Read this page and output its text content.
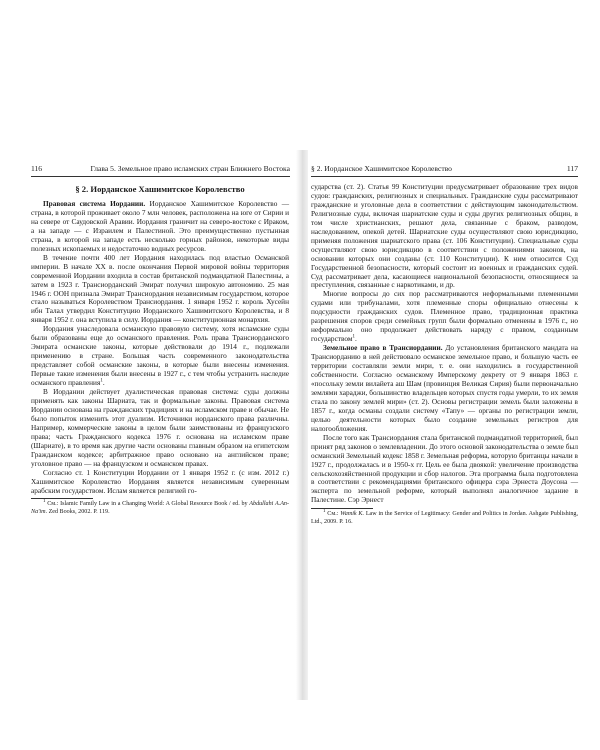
116	Глава 5. Земельное право исламских стран Ближнего Востока
§ 2. Иорданское Хашимитское Королевство

Правовая система Иордании. Иорданское Хашимитское Королевство — страна, в которой проживает около 7 млн человек, расположена на юге от Сирии и на севере от Саудовской Аравии. Иордания граничит на северо-востоке с Ираком, а на западе — с Израилем и Палестиной. Это преимущественно пустынная страна, в которой на западе есть несколько горных районов, некоторые виды полезных ископаемых и недостаточно водных ресурсов.

В течение почти 400 лет Иордания находилась под властью Османской империи. В начале XX в. после окончания Первой мировой войны территория современной Иордании входила в состав британской подмандатной Палестины, а затем в 1923 г. Трансиорданский Эмират получил широкую автономию. 25 мая 1946 г. ООН признала Эмират Трансиордания независимым государством, которое стало называться Королевством Трансиордания. 1 января 1952 г. король Хусейн ибн Талал утвердил Конституцию Иорданского Хашимитского Королевства, и 8 января 1952 г. она вступила в силу. Иордания — конституционная монархия.

Иордания унаследовала османскую правовую систему, хотя исламские суды были образованы еще до османского правления. Роль права Трансиорданского Эмирата османские законы, которые действовали до 1914 г., подлежали применению в стране. Большая часть современного законодательства представляет собой османские законы, в которые были внесены изменения. Первые такие изменения были внесены в 1927 г., с тем чтобы устранить наследие османского правления$^1$.

В Иордании действует дуалистическая правовая система: суды должны применять как законы Шариата, так и формальные законы. Правовая система Иордании основана на гражданских традициях и на исламском праве и обычае. Не было попыток изменить этот дуализм. Источники иорданского права различны. Например, коммерческие законы в целом были заимствованы из французского права; часть Гражданского кодекса 1976 г. основана на исламском праве (Шариате), в то время как другие части основаны главным образом на египетском Гражданском кодексе; арбитражное право основано на английском праве; уголовное право — на французском и османском правах.

Согласно ст. 1 Конституции Иордании от 1 января 1952 г. (с изм. 2012 г.) Хашимитское Королевство Иордания является независимым суверенным арабским государством. Ислам является религией го-

$^1$ См.: Islamic Family Law in a Changing World: A Global Resource Book / ed. by Abdullahi A.An-Na'im. Zed Books, 2002. P. 119.

§ 2. Иорданское Хашимитское Королевство	117

сударства (ст. 2). Статья 99 Конституции предусматривает образование трех видов судов: гражданских, религиозных и специальных. Гражданские суды рассматривают гражданские и уголовные дела в соответствии с действующим законодательством. Религиозные суды, включая шариатские суды и суды других религиозных общин, в том числе христианских, решают дела, связанные с браком, разводом, наследованием, опекой детей. Шариатские суды осуществляют свою юрисдикцию, применяя положения шариатского права (ст. 106 Конституции). Специальные суды осуществляют свою юрисдикцию в соответствии с положениями законов, на основании которых они созданы (ст. 110 Конституции). К ним относится Суд Государственной безопасности, который состоит из военных и гражданских судей. Суд рассматривает дела, касающиеся национальной безопасности, относящиеся за преступления, связанные с наркотиками, и др.

Многие вопросы до сих пор рассматриваются неформальными племенными судами или трибуналами, хотя племенные споры официально отнесены к подсудности гражданских судов. Племенное право, традиционная практика разрешения споров среди семейных групп были формально отменены в 1976 г., но неформально оно продолжает действовать наряду с правом, созданным государством$^1$.

Земельное право в Трансиордании. До установления британского мандата на Трансиорданию в ней действовало османское земельное право, и большую часть ее территории составляли земли мири, т. е. они находились в государственной собственности. Согласно османскому Имперскому декрету от 9 января 1863 г. «посольку земли вилайета аш Шам (провинция Великая Сирия) были первоначально землями хараджи, большинство владельцев которых спустя годы умерли, то их земля стала по закону землей мири» (ст. 2). Основы регистрации земель были заложены в 1857 г., когда османы создали систему «Тапу» — органы по регистрации земли, целью деятельности которых было создание земельных регистров для налогообложения.

После того как Трансиордания стала британской подмандатной территорией, был принят ряд законов о землевладении. До этого основой законодательства о земле был османский Земельный кодекс 1858 г. Земельная реформа, которую британцы начали в 1927 г., продолжалась и в 1950-х гг. Цель ее была двоякой: увеличение производства сельскохозяйственной продукции и сбор налогов. Эта программа была подготовлена в соответствии с рекомендациями британского офицера сэра Эрнеста Доусона — эксперта по земельной реформе, который выполнял аналогичное задание в Палестине. Сэр Эрнест

$^1$ См.: Wamik K. Law in the Service of Legitimacy: Gender and Politics in Jordan. Ashgate Publishing, Ltd., 2009. P. 16.
